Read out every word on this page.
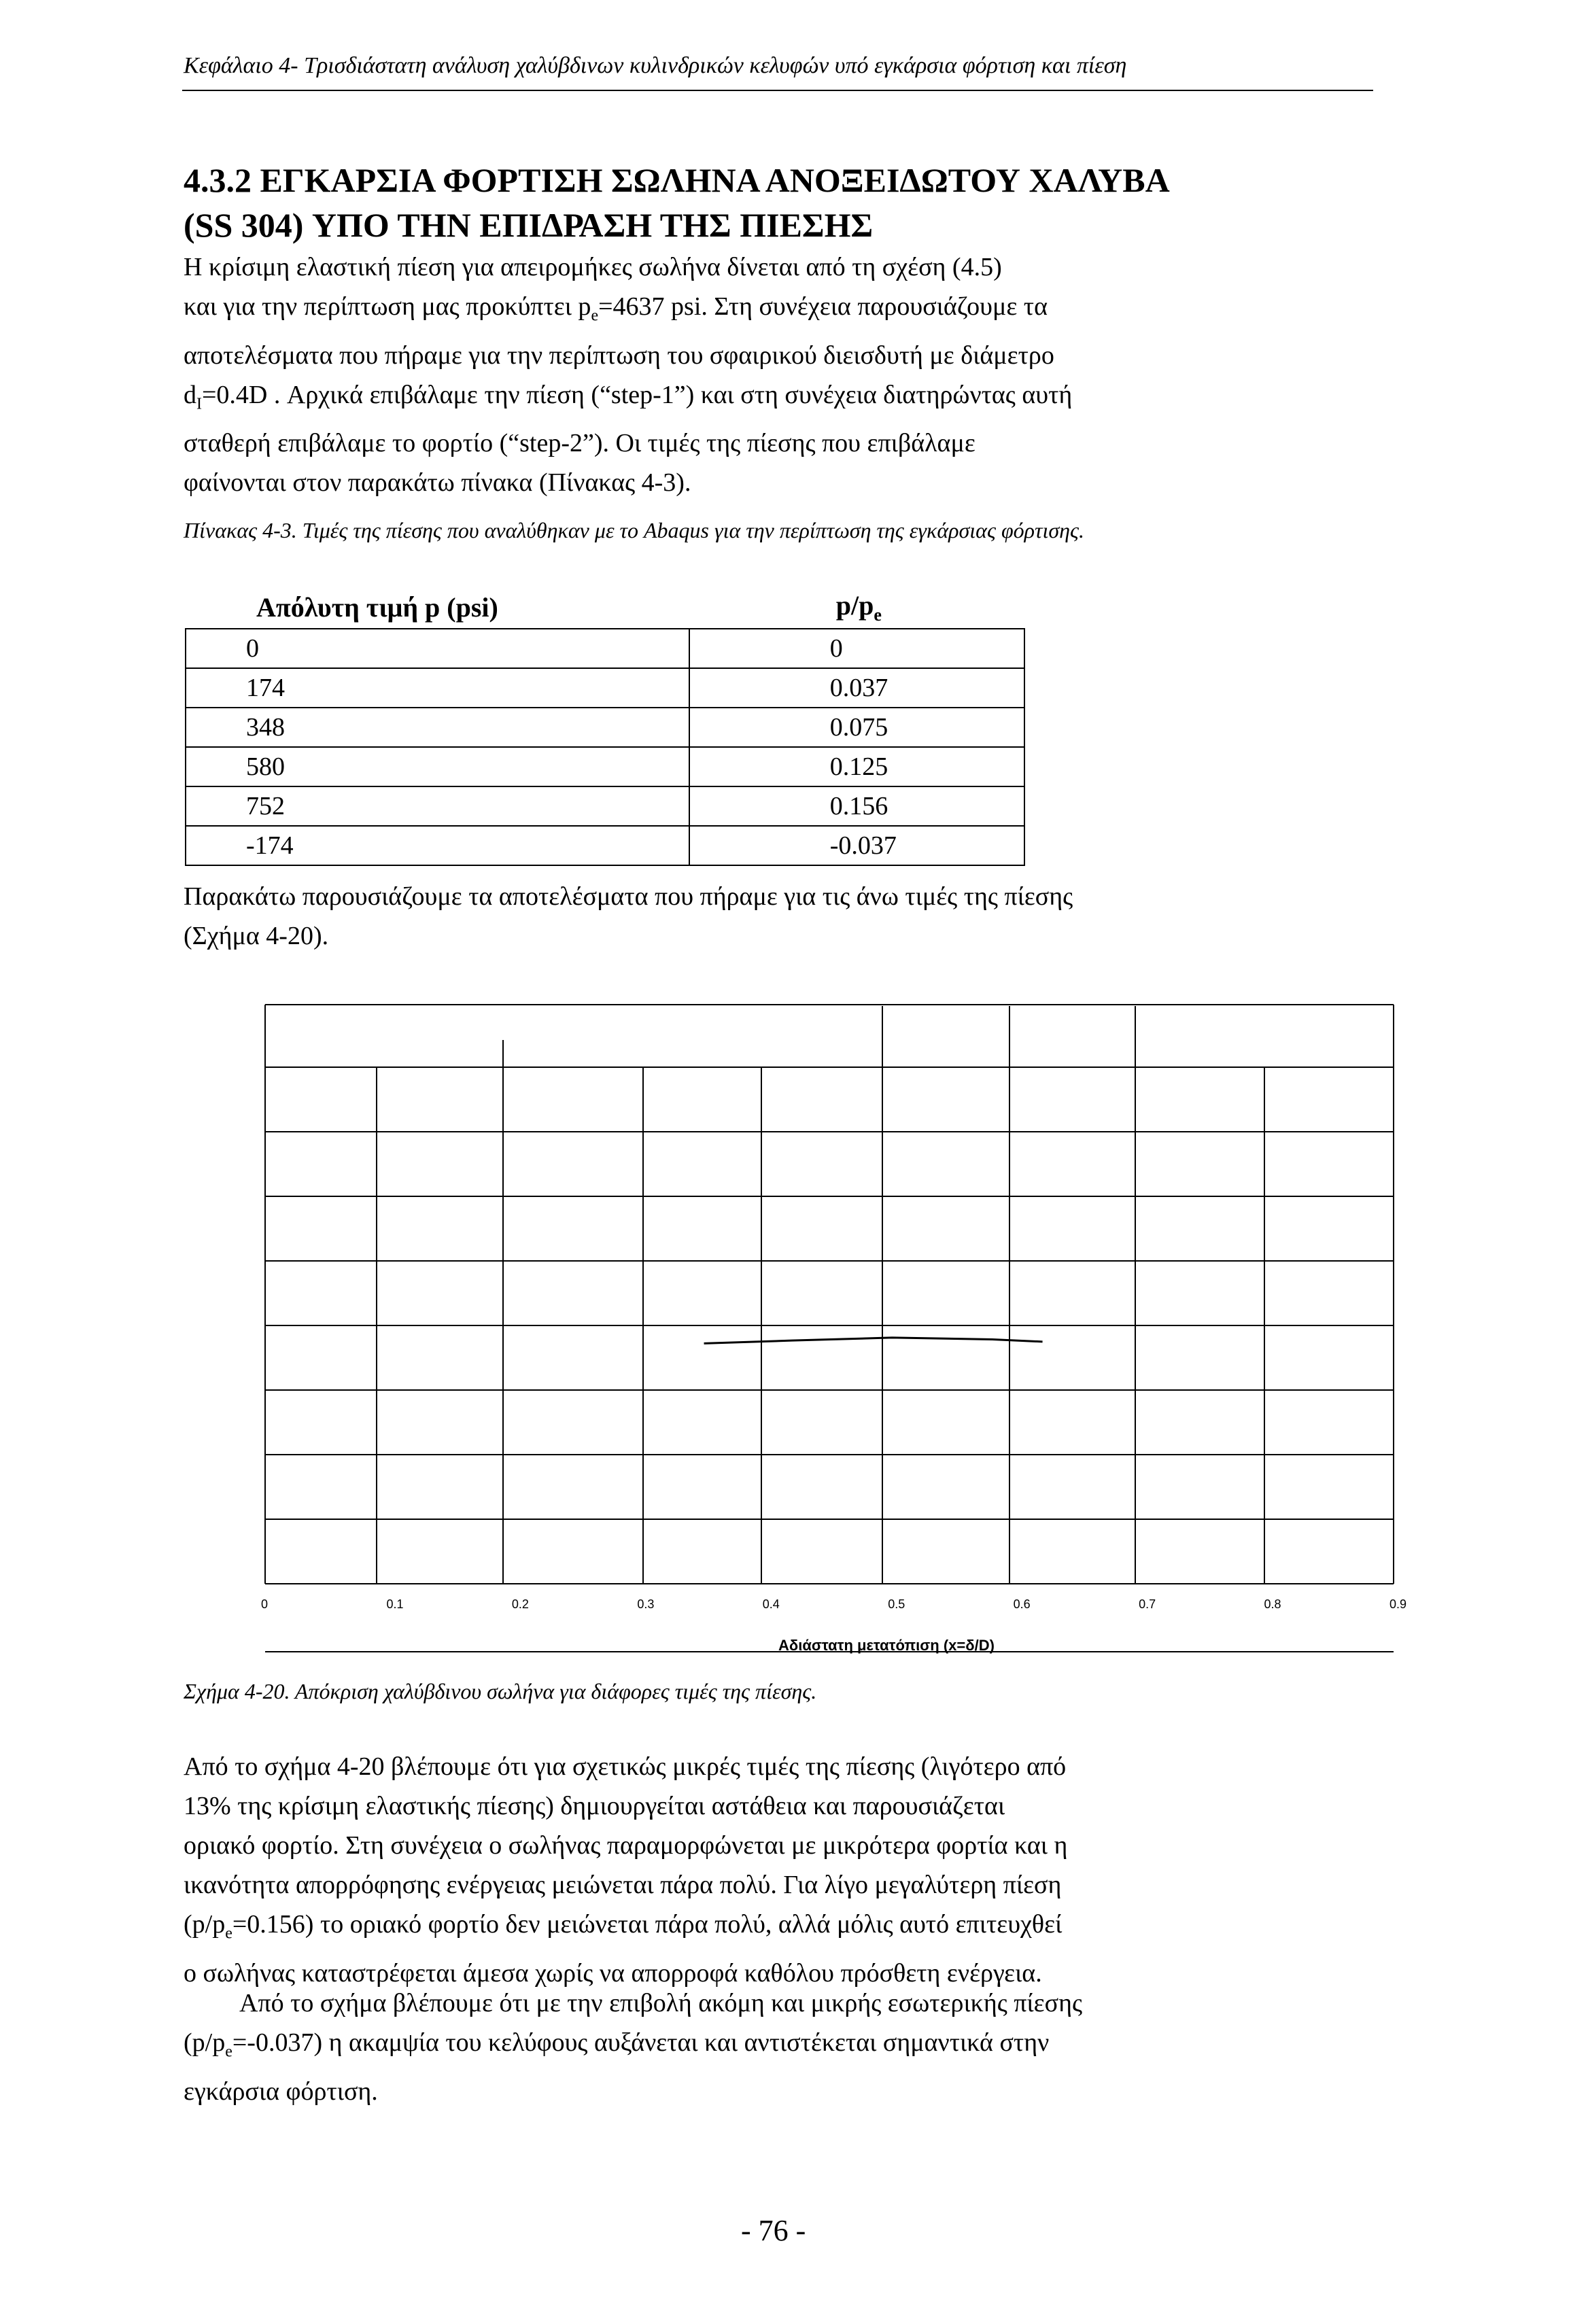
Κεφάλαιο 4- Τρισδιάστατη ανάλυση χαλύβδινων κυλινδρικών κελυφών υπό εγκάρσια φόρτιση και πίεση
4.3.2 ΕΓΚΑΡΣΙΑ ΦΟΡΤΙΣΗ ΣΩΛΗΝΑ ΑΝΟΞΕΙΔΩΤΟΥ ΧΑΛΥΒΑ
(SS 304) ΥΠΟ ΤΗΝ ΕΠΙΔΡΑΣΗ ΤΗΣ ΠΙΕΣΗΣ
Η κρίσιμη ελαστική πίεση για απειρομήκες σωλήνα δίνεται από τη σχέση (4.5)
και για την περίπτωση μας προκύπτει $p_e=4637$ psi. Στη συνέχεια παρουσιάζουμε τα
αποτελέσματα που πήραμε για την περίπτωση του σφαιρικού διεισδυτή με διάμετρο
$d_I=0.4D$ . Αρχικά επιβάλαμε την πίεση (“step-1”) και στη συνέχεια διατηρώντας αυτή
σταθερή επιβάλαμε το φορτίο (“step-2”). Οι τιμές της πίεσης που επιβάλαμε
φαίνονται στον παρακάτω πίνακα (Πίνακας 4-3).
Πίνακας 4-3. Τιμές της πίεσης που αναλύθηκαν με το Abaqus για την περίπτωση της εγκάρσιας φόρτισης.
Απόλυτη τιμή p (psi)	$p/p_e$
0	0
174	0.037
348	0.075
580	0.125
752	0.156
-174	-0.037
Παρακάτω παρουσιάζουμε τα αποτελέσματα που πήραμε για τις άνω τιμές της πίεσης
(Σχήμα 4-20).
0	0.1	0.2	0.3	0.4	0.5	0.6	0.7	0.8	0.9
Αδιάστατη μετατόπιση (x=δ/D)
Σχήμα 4-20. Απόκριση χαλύβδινου σωλήνα για διάφορες τιμές της πίεσης.
Από το σχήμα 4-20 βλέπουμε ότι για σχετικώς μικρές τιμές της πίεσης (λιγότερο από
13% της κρίσιμη ελαστικής πίεσης) δημιουργείται αστάθεια και παρουσιάζεται
οριακό φορτίο. Στη συνέχεια ο σωλήνας παραμορφώνεται με μικρότερα φορτία και η
ικανότητα απορρόφησης ενέργειας μειώνεται πάρα πολύ. Για λίγο μεγαλύτερη πίεση
$(p/p_e=0.156)$ το οριακό φορτίο δεν μειώνεται πάρα πολύ, αλλά μόλις αυτό επιτευχθεί
ο σωλήνας καταστρέφεται άμεσα χωρίς να απορροφά καθόλου πρόσθετη ενέργεια.
Από το σχήμα βλέπουμε ότι με την επιβολή ακόμη και μικρής εσωτερικής πίεσης
$(p/p_e=-0.037)$ η ακαμψία του κελύφους αυξάνεται και αντιστέκεται σημαντικά στην
εγκάρσια φόρτιση.
- 76 -
